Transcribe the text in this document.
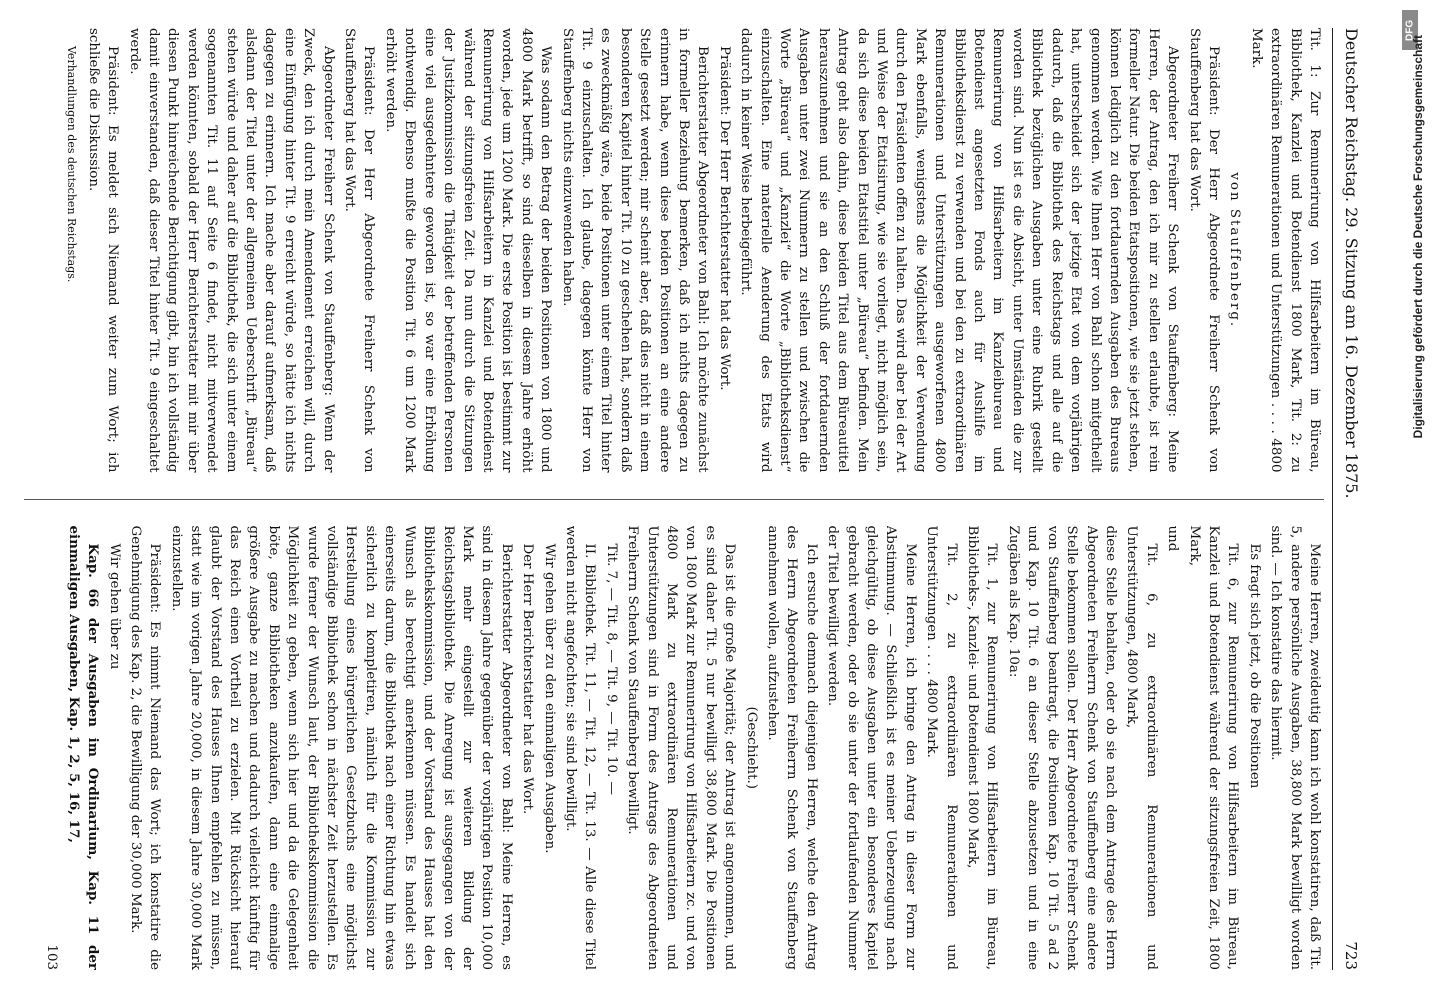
Deutscher Reichstag. 29. Sitzung am 16. Dezember 1875.
723

Tit. 1: Zur Remunerirung von Hilfsarbeitern im Büreau, Bibliothek, Kanzlei und Botendienst 1800 Mark, Tit. 2: zu extraordinären Remunerationen und Unterstützungen . . . . 4800 Mark.

von Stauffenberg.

Präsident: Der Herr Abgeordnete Freiherr Schenk von Stauffenberg hat das Wort.

Abgeordneter Freiherr Schenk von Stauffenberg: Meine Herren, der Antrag, den ich mir zu stellen erlaubte, ist rein formeller Natur. Die beiden Etatspositionen, wie sie jetzt stehen, können lediglich zu den fortdauernden Ausgaben des Bureaus genommen werden. Wie Ihnen Herr von Bahl schon mitgetheilt hat, unterscheidet sich der jetzige Etat von dem vorjährigen dadurch, daß die Bibliothek des Reichstags und alle auf die Bibliothek bezüglichen Ausgaben unter eine Rubrik gestellt worden sind. Nun ist es die Absicht, unter Umständen die zur Remunerirung von Hilfsarbeitern im Kanzleibureau und Botendienst angesetzten Fonds auch für Aushilfe im Bibliotheksdienst zu verwenden und bei den zu extraordinären Remunerationen und Unterstützungen ausgeworfenen 4800 Mark ebenfalls, wenigstens die Möglichkeit der Verwendung durch den Präsidenten offen zu halten. Das wird aber bei der Art und Weise der Etatisirung, wie sie vorliegt, nicht möglich sein, da sich diese beiden Etatstitel unter „Büreau“ befinden. Mein Antrag geht also dahin, diese beiden Titel aus dem Büreautitel herauszunehmen und sie an den Schluß der fortdauernden Ausgaben unter zwei Nummern zu stellen und zwischen die Worte „Büreau“ und „Kanzlei“ die Worte „Bibliotheksdienst“ einzuschalten. Eine materielle Aenderung des Etats wird dadurch in keiner Weise herbeigeführt.

Präsident: Der Herr Berichterstatter hat das Wort.

Berichterstatter Abgeordneter von Bahl: Ich möchte zunächst in formeller Beziehung bemerken, daß ich nichts dagegen zu erinnern habe, wenn diese beiden Positionen an eine andere Stelle gesetzt werden; mir scheint aber, daß dies nicht in einem besonderen Kapitel hinter Tit. 10 zu geschehen hat, sondern daß es zweckmäßig wäre, beide Positionen unter einem Titel hinter Tit. 9 einzuschalten. Ich glaube, dagegen könnte Herr von Stauffenberg nichts einzuwenden haben.

Was sodann den Betrag der beiden Positionen von 1800 und 4800 Mark betrifft, so sind dieselben in diesem Jahre erhöht worden, jede um 1200 Mark. Die erste Position ist bestimmt zur Remunerirung von Hilfsarbeitern in Kanzlei und Botendienst während der sitzungsfreien Zeit. Da nun durch die Sitzungen der Justizkommission die Thätigkeit der betreffenden Personen eine viel ausgedehntere geworden ist, so war eine Erhöhung nothwendig. Ebenso mußte die Position Tit. 6 um 1200 Mark erhöht werden.

Präsident: Der Herr Abgeordnete Freiherr Schenk von Stauffenberg hat das Wort.

Abgeordneter Freiherr Schenk von Stauffenberg: Wenn der Zweck, den ich durch mein Amendement erreichen will, durch eine Einfügung hinter Tit. 9 erreicht würde, so hätte ich nichts dagegen zu erinnern. Ich mache aber darauf aufmerksam, daß alsdann der Titel unter der allgemeinen Ueberschrift „Büreau“ stehen würde und daher auf die Bibliothek, die sich unter einem sogenannten Tit. 11 auf Seite 6 findet, nicht mitverwendet werden könnten, sobald der Herr Berichterstatter mit mir über diesen Punkt hinreichende Berichtigung gibt, bin ich vollständig damit einverstanden, daß dieser Titel hinter Tit. 9 eingeschaltet werde.

Präsident: Es meldet sich Niemand weiter zum Wort; ich schließe die Diskussion.

Verhandlungen des deutschen Reichstags.

Meine Herren, zweideutig kann ich wohl konstatiren, daß Tit. 5, andere persönliche Ausgaben, 38,800 Mark bewilligt worden sind. — Ich konstatire das hiermit.

Es fragt sich jetzt, ob die Positionen

Tit. 6, zur Remunerirung von Hilfsarbeitern im Büreau, Kanzlei und Botendienst während der sitzungsfreien Zeit, 1800 Mark,

und

Tit. 6, zu extraordinären Remunerationen und Unterstützungen, 4800 Mark,

diese Stelle behalten, oder ob sie nach dem Antrage des Herrn Abgeordneten Freiherrn Schenk von Stauffenberg eine andere Stelle bekommen sollen. Der Herr Abgeordnete Freiherr Schenk von Stauffenberg beantragt, die Positionen Kap. 10 Tit. 5 ad 2 und Kap. 10 Tit. 6 an dieser Stelle abzusetzen und in eine Zugäben als Kap. 10a:

Tit. 1, zur Remunerirung von Hilfsarbeitern im Büreau, Bibliotheks-, Kanzlei- und Botendienst 1800 Mark,

Tit. 2, zu extraordinären Remunerationen und Unterstützungen . . . . 4800 Mark.

Meine Herren, ich bringe den Antrag in dieser Form zur Abstimmung. — Schließlich ist es meiner Ueberzeugung nach gleichgültig, ob diese Ausgaben unter ein besonderes Kapitel gebracht werden, oder ob sie unter der fortlaufenden Nummer der Titel bewilligt werden.

Ich ersuche demnach diejenigen Herren, welche den Antrag des Herrn Abgeordneten Freiherrn Schenk von Stauffenberg annehmen wollen, aufzustehen.

(Geschieht.)

Das ist die große Majorität; der Antrag ist angenommen, und es sind daher Tit. 5 nur bewilligt 38,800 Mark. Die Positionen von 1800 Mark zur Remunerirung von Hilfsarbeitern zc. und von 4800 Mark zu extraordinären Remunerationen und Unterstützungen sind in Form des Antrags des Abgeordneten Freiherrn Schenk von Stauffenberg bewilligt.

Tit. 7, — Tit. 8, — Tit. 9, — Tit. 10. —

II. Bibliothek. Tit. 11, — Tit. 12, — Tit. 13. — Alle diese Titel werden nicht angefochten; sie sind bewilligt.

Wir gehen über zu den einmaligen Ausgaben.

Der Herr Berichterstatter hat das Wort.

Berichterstatter Abgeordneter von Bahl: Meine Herren, es sind in diesem Jahre gegenüber der vorjährigen Position 10,000 Mark mehr eingestellt zur weiteren Bildung der Reichstagsbibliothek. Die Anregung ist ausgegangen von der Bibliothekskommission, und der Vorstand des Hauses hat den Wunsch als berechtigt anerkennen müssen. Es handelt sich einerseits darum, die Bibliothek nach einer Richtung hin etwas sicherlich zu kompletiren, nämlich für die Kommission zur Herstellung eines bürgerlichen Gesetzbuchs eine möglichst vollständige Bibliothek schon in nächster Zeit herzustellen. Es wurde ferner der Wunsch laut, der Bibliothekskommission die Möglichkeit zu geben, wenn sich hier und da die Gelegenheit böte, ganze Bibliotheken anzukaufen, dann eine einmalige größere Ausgabe zu machen und dadurch vielleicht künftig für das Reich einen Vortheil zu erzielen. Mit Rücksicht hierauf glaubt der Vorstand des Hauses Ihnen empfehlen zu müssen, statt wie im vorigen Jahre 20,000, in diesem Jahre 30,000 Mark einzustellen.

Präsident: Es nimmt Niemand das Wort; ich konstatire die Genehmigung des Kap. 2, die Bewilligung der 30,000 Mark.

Wir gehen über zu

Kap. 66 der Ausgaben im Ordinarium, Kap. 11 der einmaligen Ausgaben, Kap. 1, 2, 5, 16, 17,

103

DFG
Digitalisierung gefördert durch die Deutsche Forschungsgemeinschaft
